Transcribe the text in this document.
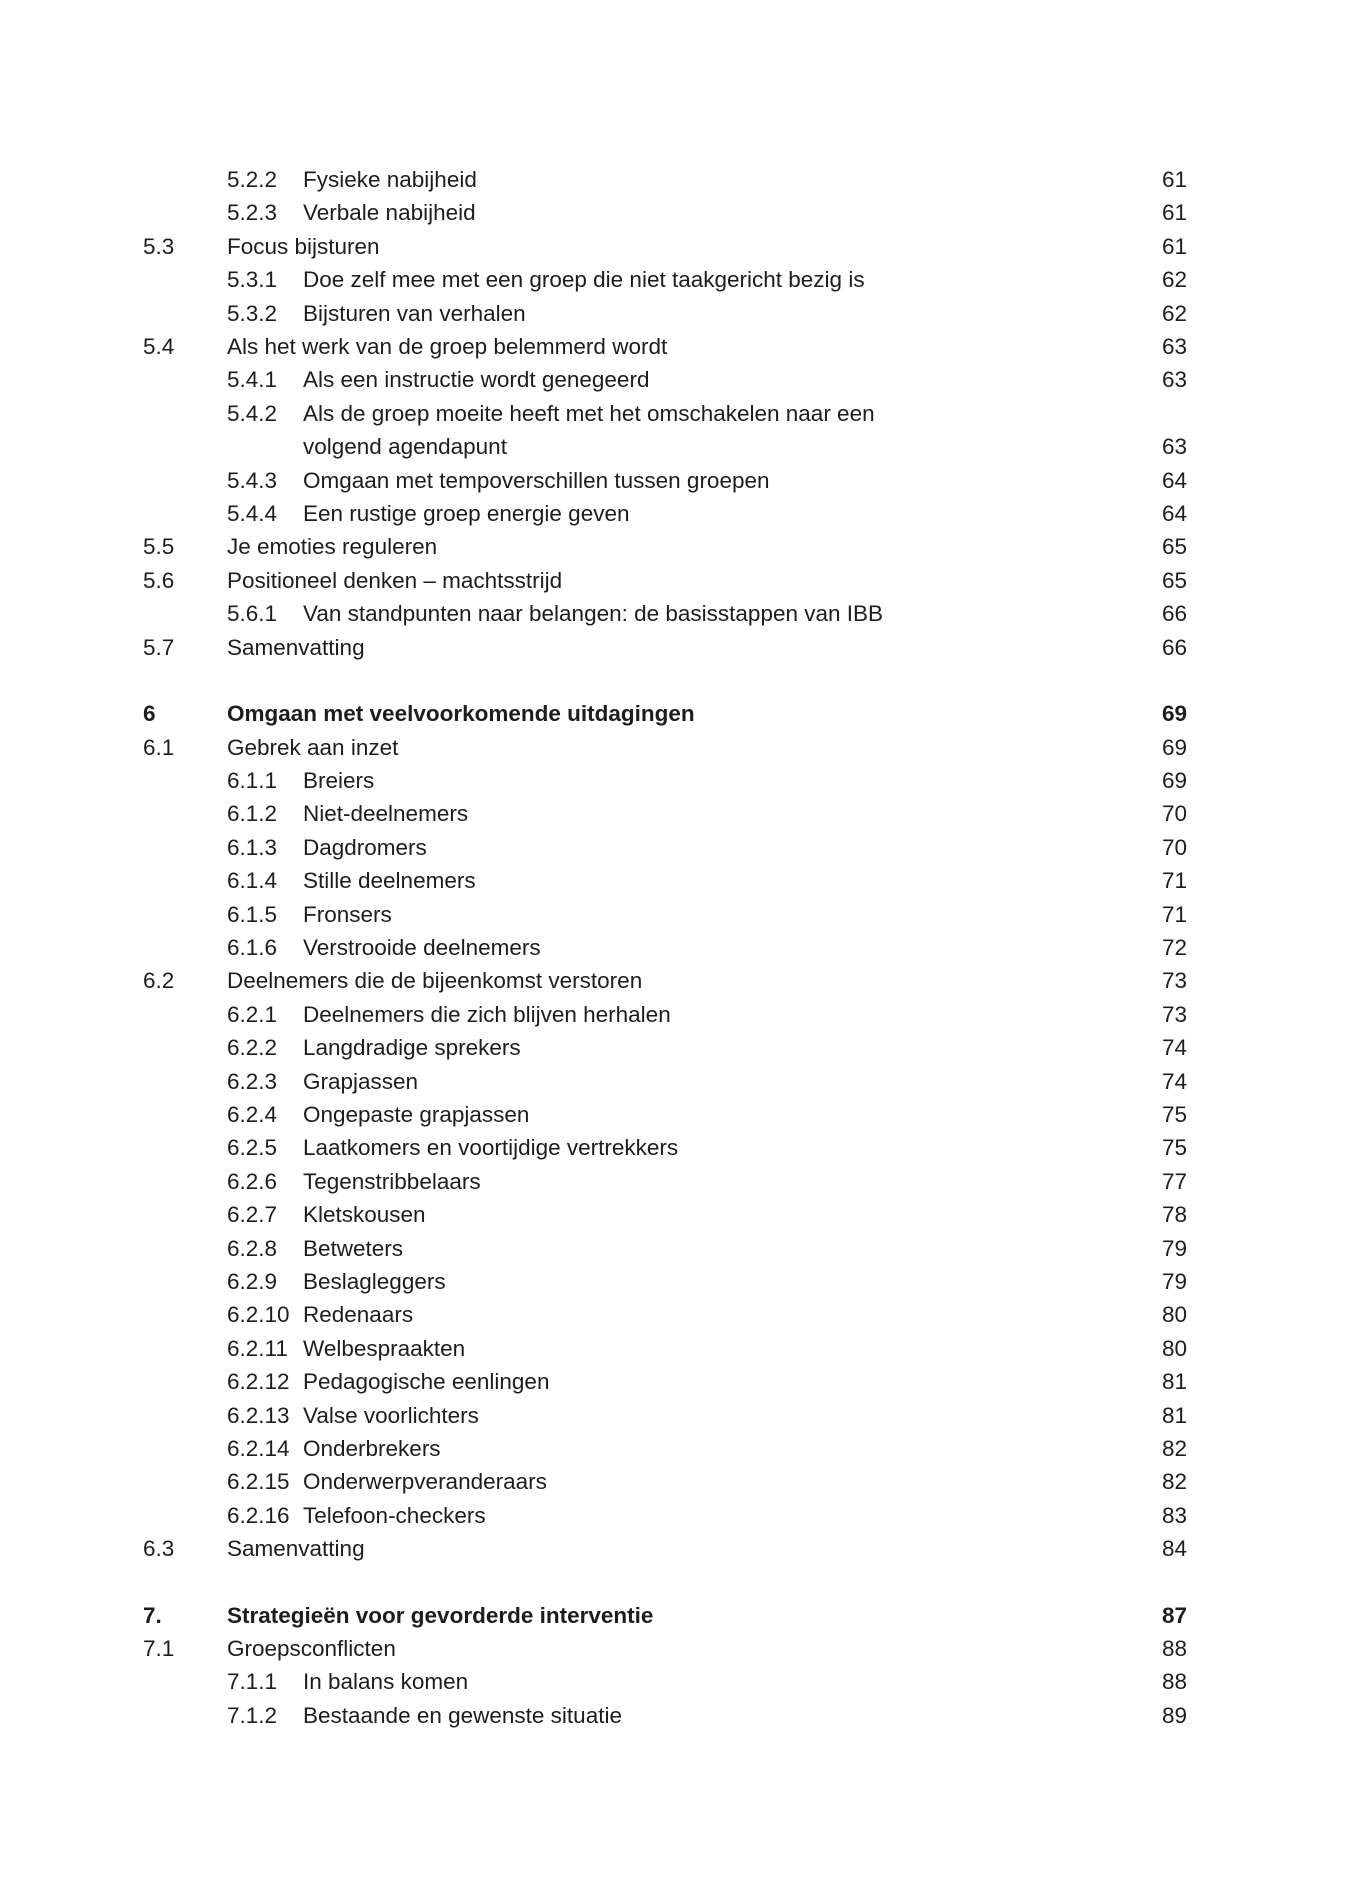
5.2.2	Fysieke nabijheid	61
5.2.3	Verbale nabijheid	61
5.3	Focus bijsturen	61
5.3.1	Doe zelf mee met een groep die niet taakgericht bezig is	62
5.3.2	Bijsturen van verhalen	62
5.4	Als het werk van de groep belemmerd wordt	63
5.4.1	Als een instructie wordt genegeerd	63
5.4.2	Als de groep moeite heeft met het omschakelen naar een
volgend agendapunt	63
5.4.3	Omgaan met tempoverschillen tussen groepen	64
5.4.4	Een rustige groep energie geven	64
5.5	Je emoties reguleren	65
5.6	Positioneel denken – machtsstrijd	65
5.6.1	Van standpunten naar belangen: de basisstappen van IBB	66
5.7	Samenvatting	66
6	Omgaan met veelvoorkomende uitdagingen	69
6.1	Gebrek aan inzet	69
6.1.1	Breiers	69
6.1.2	Niet-deelnemers	70
6.1.3	Dagdromers	70
6.1.4	Stille deelnemers	71
6.1.5	Fronsers	71
6.1.6	Verstrooide deelnemers	72
6.2	Deelnemers die de bijeenkomst verstoren	73
6.2.1	Deelnemers die zich blijven herhalen	73
6.2.2	Langdradige sprekers	74
6.2.3	Grapjassen	74
6.2.4	Ongepaste grapjassen	75
6.2.5	Laatkomers en voortijdige vertrekkers	75
6.2.6	Tegenstribbelaars	77
6.2.7	Kletskousen	78
6.2.8	Betweters	79
6.2.9	Beslagleggers	79
6.2.10 Redenaars	80
6.2.11 Welbespraakten	80
6.2.12 Pedagogische eenlingen	81
6.2.13 Valse voorlichters	81
6.2.14 Onderbrekers	82
6.2.15 Onderwerpveranderaars	82
6.2.16 Telefoon-checkers	83
6.3	Samenvatting	84
7.	Strategieën voor gevorderde interventie	87
7.1	Groepsconflicten	88
7.1.1	In balans komen	88
7.1.2	Bestaande en gewenste situatie	89
